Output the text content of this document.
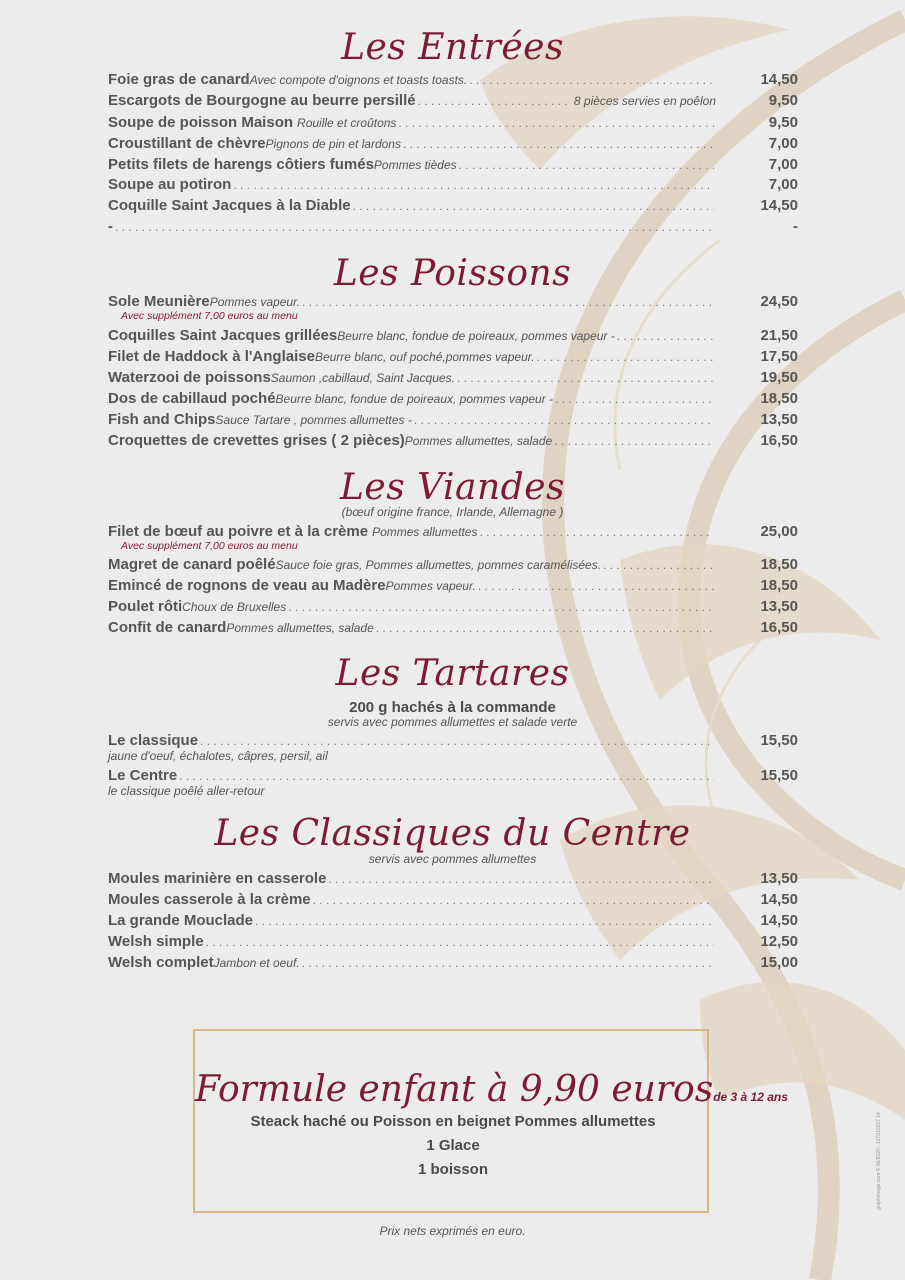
Les Entrées
Les Poissons
Les Viandes
(bœuf origine france, Irlande, Allemagne )
Les Tartares
200 g hachés à la commande
servis avec pommes allumettes et salade verte
Les Classiques du Centre
servis avec pommes allumettes
Foie gras de canard Avec compote d'oignons et toasts toasts. . . .	14,50
Escargots de Bourgogne au beurre persillé . . .	8 pièces servies en poêlon	9,50
Soupe de poisson Maison Rouille et croûtons . . .	9,50
Croustillant de chèvre Pignons de pin et lardons . . .	7,00
Petits filets de harengs côtiers fumés Pommes tièdes . . .	7,00
Soupe au potiron . . .	7,00
Coquille Saint Jacques à la Diable . . .	14,50
- . . .	-
Sole Meunière Pommes vapeur. . . .	24,50
Avec supplément 7,00 euros au menu
Coquilles Saint Jacques grillées Beurre blanc, fondue de poireaux, pommes vapeur - . . .	21,50
Filet de Haddock à l'Anglaise Beurre blanc, ouf poché,pommes vapeur. . . .	17,50
Waterzooi de poissons Saumon ,cabillaud, Saint Jacques. . . .	19,50
Dos de cabillaud poché Beurre blanc, fondue de poireaux, pommes vapeur - . . .	18,50
Fish and Chips Sauce Tartare , pommes allumettes - . . .	13,50
Croquettes de crevettes grises ( 2 pièces) Pommes allumettes, salade . . .	16,50
Filet de bœuf au poivre et à la crème Pommes allumettes . . .	25,00
Avec supplément 7,00 euros au menu
Magret de canard poêlé Sauce foie gras, Pommes allumettes, pommes caramélisées. . . .	18,50
Emincé de rognons de veau au Madère Pommes vapeur. . . .	18,50
Poulet rôti Choux de Bruxelles . . .	13,50
Confit de canard Pommes allumettes, salade . . .	16,50
Le classique . . .	15,50
jaune d'oeuf, échalotes, câpres, persil, ail
Le Centre . . .	15,50
le classique poêlé aller-retour
Moules marinière en casserole . . .	13,50
Moules casserole à la crème . . .	14,50
La grande Mouclade . . .	14,50
Welsh simple . . .	12,50
Welsh complet Jambon et oeuf. . . .	15,00
Formule enfant à 9,90 eurosde 3 à 12 ans
Steack haché ou Poisson en beignet Pommes allumettes
1 Glace
1 boisson
Prix nets exprimés en euro.
graphimage.com © 06/2020 - 117610267 14
